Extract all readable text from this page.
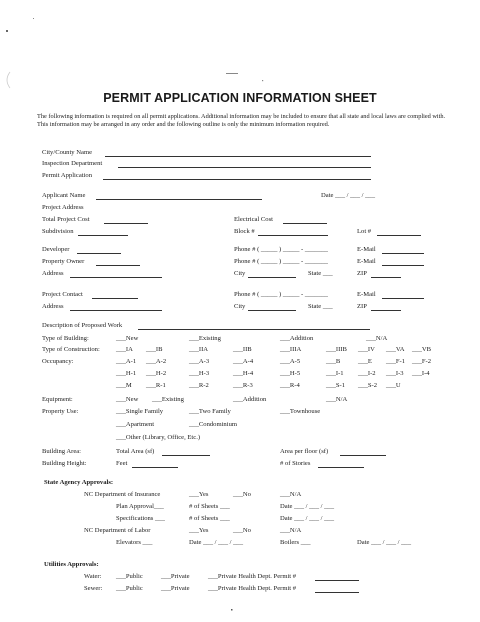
PERMIT APPLICATION INFORMATION SHEET
The following information is required on all permit applications. Additional information may be included to ensure that all state and local laws are complied with. This information may be arranged in any order and the following outline is only the minimum information required.
City/County Name
Inspection Department
Permit Application
Applicant Name	Date ___ / ___ / ___
Project Address
Total Project Cost	Electrical Cost
Subdivision	Block #	Lot #
Developer	Phone # ( _____ ) _____ - _______	E-Mail
Property Owner	Phone # ( _____ ) _____ - _______	E-Mail
Address	City	State ___	ZIP
Project Contact	Phone # ( _____ ) _____ - _______	E-Mail
Address	City	State ___	ZIP
Description of Proposed Work
Type of Building:	___New	___Existing	___Addition	___N/A
Type of Construction: ___IA ___IB	___IIA	___IIB	___IIIA	___IIIB ___IV ___VA ___VB
Occupancy:	___A-1 ___A-2	___A-3	___A-4	___A-5	___B	___E ___F-1 ___F-2
___H-1 ___H-2	___H-3	___H-4	___H-5	___I-1 ___I-2 ___I-3 ___I-4
___M ___R-1	___R-2	___R-3	___R-4	___S-1 ___S-2 ___U
Equipment:	___New ___Existing	___Addition	___N/A
Property Use:	___Single Family	___Two Family	___Townhouse
___Apartment	___Condominium
___Other (Library, Office, Etc.)
Building Area:	Total Area (sf)	Area per floor (sf)
Building Height:	Feet	# of Stories
State Agency Approvals:
NC Department of Insurance	___Yes	___No	___N/A
Plan Approval___	# of Sheets ___	Date ___ / ___ / ___
Specifications ___	# of Sheets ___	Date ___ / ___ / ___
NC Department of Labor	___Yes	___No	___N/A
Elevators ___	Date ___ / ___ / ___	Boilers ___	Date ___ / ___ / ___
Utilities Approvals:
Water: ___Public	___Private	___Private Health Dept. Permit #
Sewer: ___Public	___Private	___Private Health Dept. Permit #
